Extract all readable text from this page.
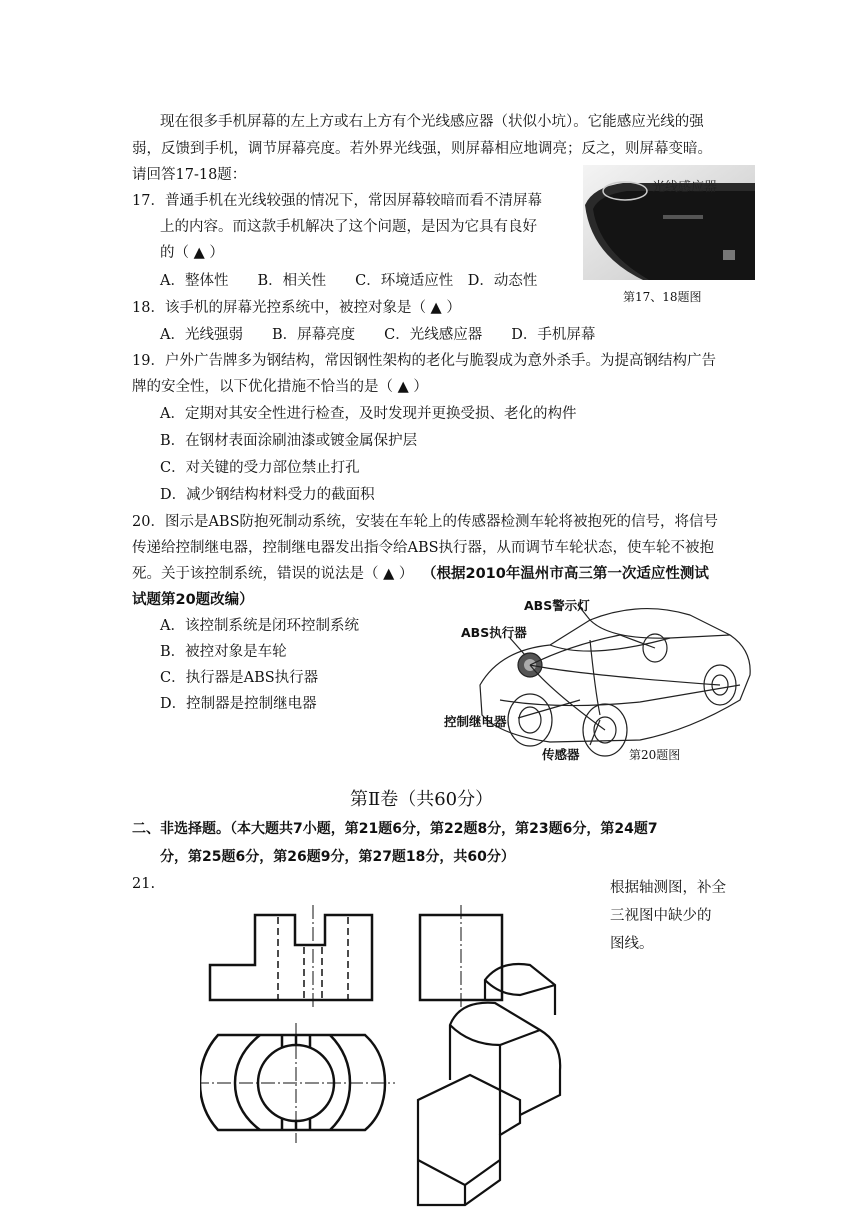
现在很多手机屏幕的左上方或右上方有个光线感应器（状似小坑）。它能感应光线的强
弱，反馈到手机，调节屏幕亮度。若外界光线强，则屏幕相应地调亮；反之，则屏幕变暗。
请回答17-18题：
17．普通手机在光线较强的情况下，常因屏幕较暗而看不清屏幕
上的内容。而这款手机解决了这个问题，是因为它具有良好
的（ ▲ ）
A．整体性　　B．相关性　　C．环境适应性　D．动态性
光线感应器
第17、18题图
18．该手机的屏幕光控系统中，被控对象是（ ▲ ）
A．光线强弱　　B．屏幕亮度　　C．光线感应器　　D．手机屏幕
19．户外广告牌多为钢结构，常因钢性架构的老化与脆裂成为意外杀手。为提高钢结构广告
牌的安全性，以下优化措施不恰当的是（ ▲ ）
A．定期对其安全性进行检查，及时发现并更换受损、老化的构件
B．在钢材表面涂刷油漆或镀金属保护层
C．对关键的受力部位禁止打孔
D．减少钢结构材料受力的截面积
20．图示是ABS防抱死制动系统，安装在车轮上的传感器检测车轮将被抱死的信号，将信号
传递给控制继电器，控制继电器发出指令给ABS执行器，从而调节车轮状态，使车轮不被抱
死。关于该控制系统，错误的说法是（ ▲ ） （根据2010年温州市高三第一次适应性测试
试题第20题改编）
A．该控制系统是闭环控制系统
B．被控对象是车轮
C．执行器是ABS执行器
D．控制器是控制继电器
ABS警示灯
ABS执行器
控制继电器
传感器	第20题图
第Ⅱ卷（共60分）
二、非选择题。（本大题共7小题，第21题6分，第22题8分，第23题6分，第24题7
分，第25题6分，第26题9分，第27题18分，共60分）
21.	根据轴测图，补全
三视图中缺少的
图线。
